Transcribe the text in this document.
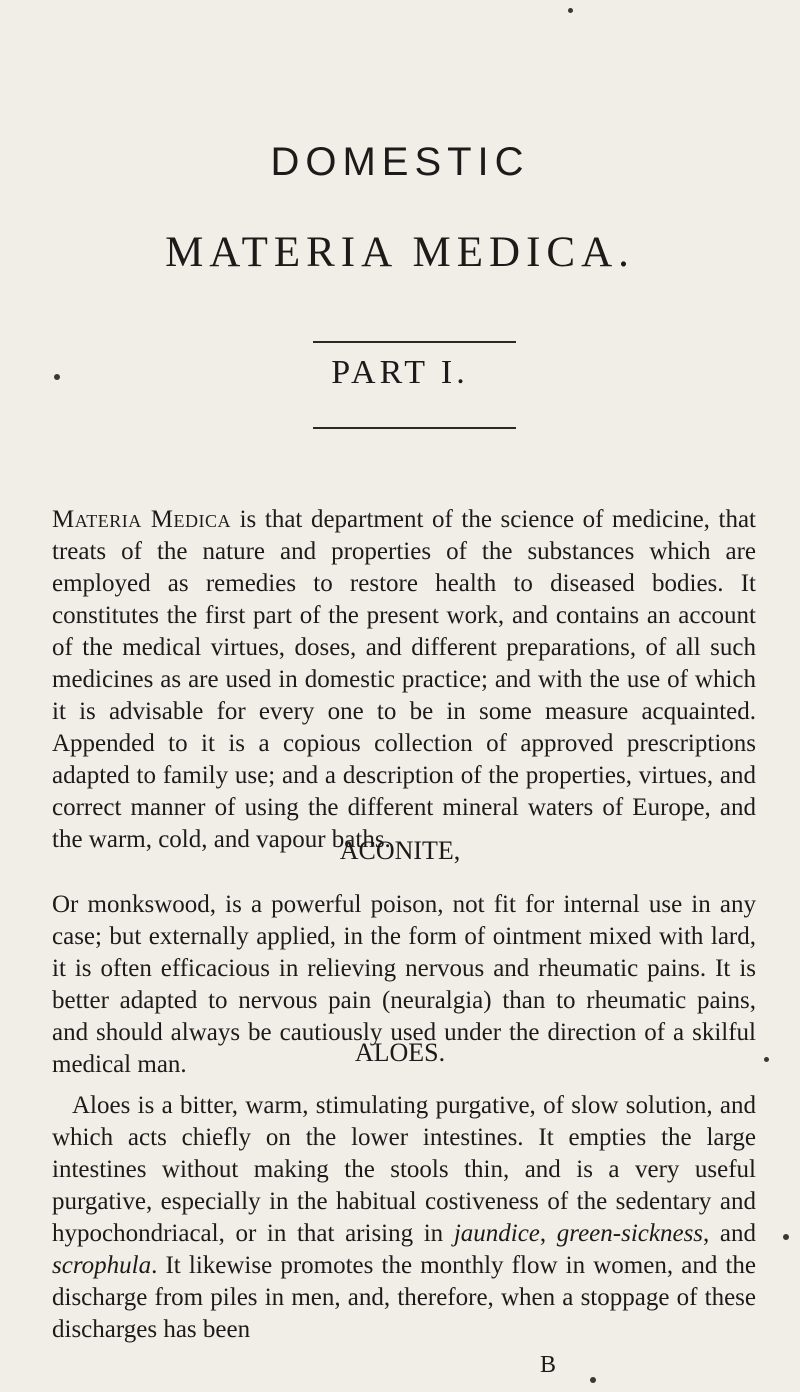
DOMESTIC
MATERIA MEDICA.
PART I.

Materia Medica is that department of the science of medicine, that treats of the nature and properties of the substances which are employed as remedies to restore health to diseased bodies. It constitutes the first part of the present work, and contains an account of the medical virtues, doses, and different preparations, of all such medicines as are used in domestic practice; and with the use of which it is advisable for every one to be in some measure acquainted. Appended to it is a copious collection of approved prescriptions adapted to family use; and a description of the properties, virtues, and correct manner of using the different mineral waters of Europe, and the warm, cold, and vapour baths.

ACONITE,

Or monkswood, is a powerful poison, not fit for internal use in any case; but externally applied, in the form of ointment mixed with lard, it is often efficacious in relieving nervous and rheumatic pains. It is better adapted to nervous pain (neuralgia) than to rheumatic pains, and should always be cautiously used under the direction of a skilful medical man.	ALOES.

Aloes is a bitter, warm, stimulating purgative, of slow solution, and which acts chiefly on the lower intestines. It empties the large intestines without making the stools thin, and is a very useful purgative, especially in the habitual costiveness of the sedentary and hypochondriacal, or in that arising in jaundice, green-sickness, and scrophula. It likewise promotes the monthly flow in women, and the discharge from piles in men, and, therefore, when a stoppage of these discharges has been

B
